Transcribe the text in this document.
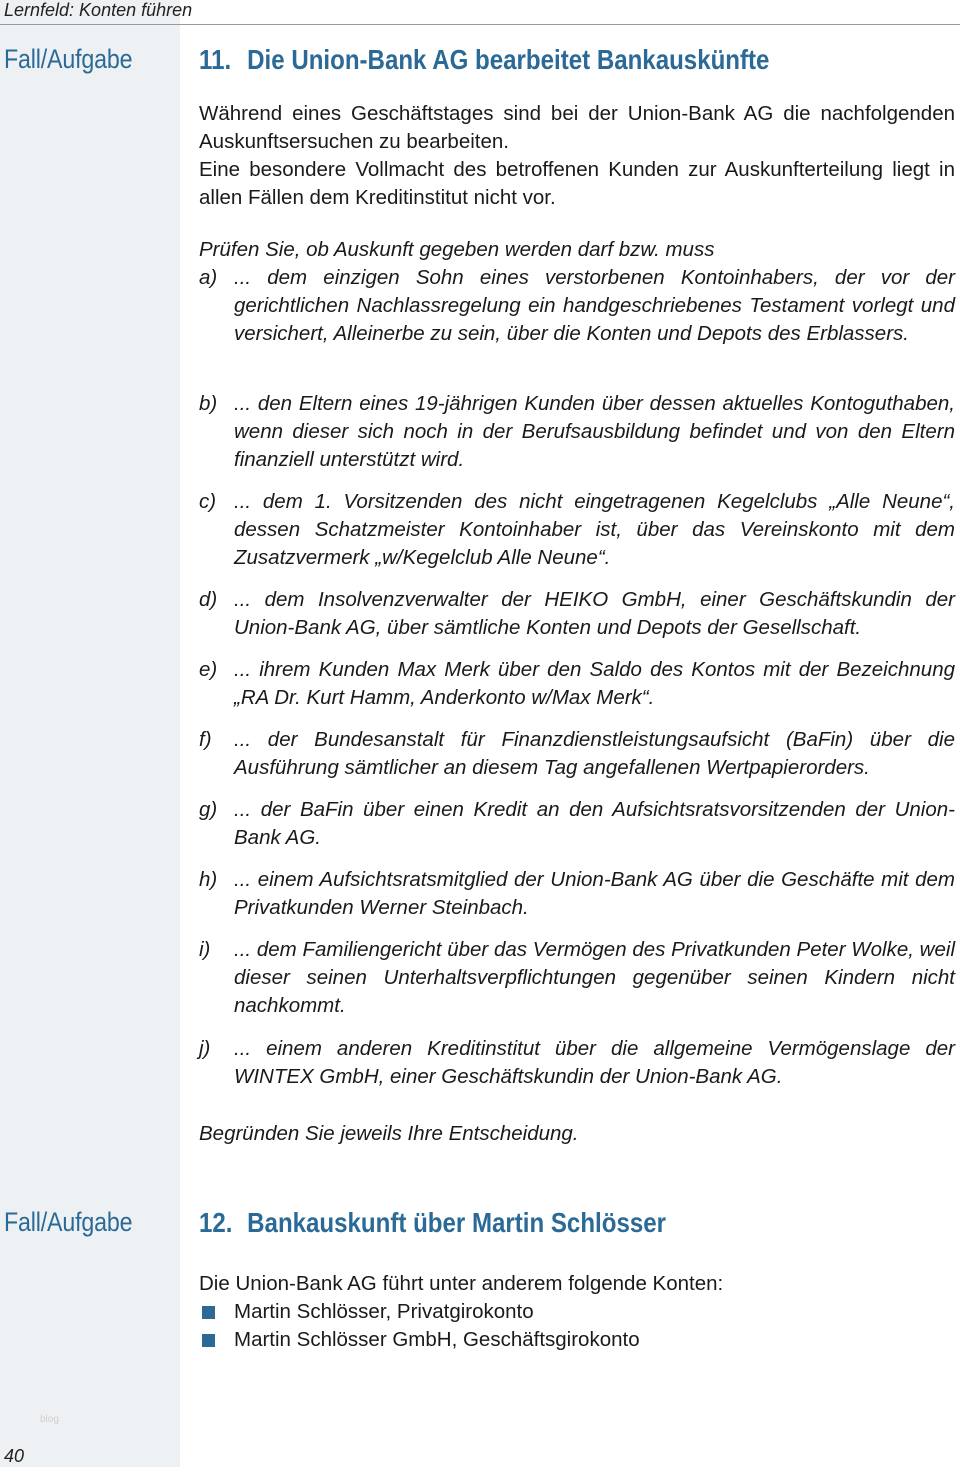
Lernfeld: Konten führen
Fall/Aufgabe 11. Die Union-Bank AG bearbeitet Bankauskünfte
Während eines Geschäftstages sind bei der Union-Bank AG die nachfolgenden Auskunftsersuchen zu bearbeiten.
Eine besondere Vollmacht des betroffenen Kunden zur Auskunfterteilung liegt in allen Fällen dem Kreditinstitut nicht vor.
Prüfen Sie, ob Auskunft gegeben werden darf bzw. muss
a) ... dem einzigen Sohn eines verstorbenen Kontoinhabers, der vor der gerichtlichen Nachlassregelung ein handgeschriebenes Testament vorlegt und versichert, Alleinerbe zu sein, über die Konten und Depots des Erblassers.
b) ... den Eltern eines 19-jährigen Kunden über dessen aktuelles Kontoguthaben, wenn dieser sich noch in der Berufsausbildung befindet und von den Eltern finanziell unterstützt wird.
c) ... dem 1. Vorsitzenden des nicht eingetragenen Kegelclubs „Alle Neune“, dessen Schatzmeister Kontoinhaber ist, über das Vereinskonto mit dem Zusatzvermerk „w/Kegelclub Alle Neune“.
d) ... dem Insolvenzverwalter der HEIKO GmbH, einer Geschäftskundin der Union-Bank AG, über sämtliche Konten und Depots der Gesellschaft.
e) ... ihrem Kunden Max Merk über den Saldo des Kontos mit der Bezeichnung „RA Dr. Kurt Hamm, Anderkonto w/Max Merk“.
f)	... der Bundesanstalt für Finanzdienstleistungsaufsicht (BaFin) über die Ausführung sämtlicher an diesem Tag angefallenen Wertpapierorders.
g) ... der BaFin über einen Kredit an den Aufsichtsratsvorsitzenden der Union-Bank AG.
h) ... einem Aufsichtsratsmitglied der Union-Bank AG über die Geschäfte mit dem Privatkunden Werner Steinbach.
i)	... dem Familiengericht über das Vermögen des Privatkunden Peter Wolke, weil dieser seinen Unterhaltsverpflichtungen gegenüber seinen Kindern nicht nachkommt.
j)	... einem anderen Kreditinstitut über die allgemeine Vermögenslage der WINTEX GmbH, einer Geschäftskundin der Union-Bank AG.
Begründen Sie jeweils Ihre Entscheidung.
Fall/Aufgabe 12. Bankauskunft über Martin Schlösser
Die Union-Bank AG führt unter anderem folgende Konten:
Martin Schlösser, Privatgirokonto
Martin Schlösser GmbH, Geschäftsgirokonto
blog
40
